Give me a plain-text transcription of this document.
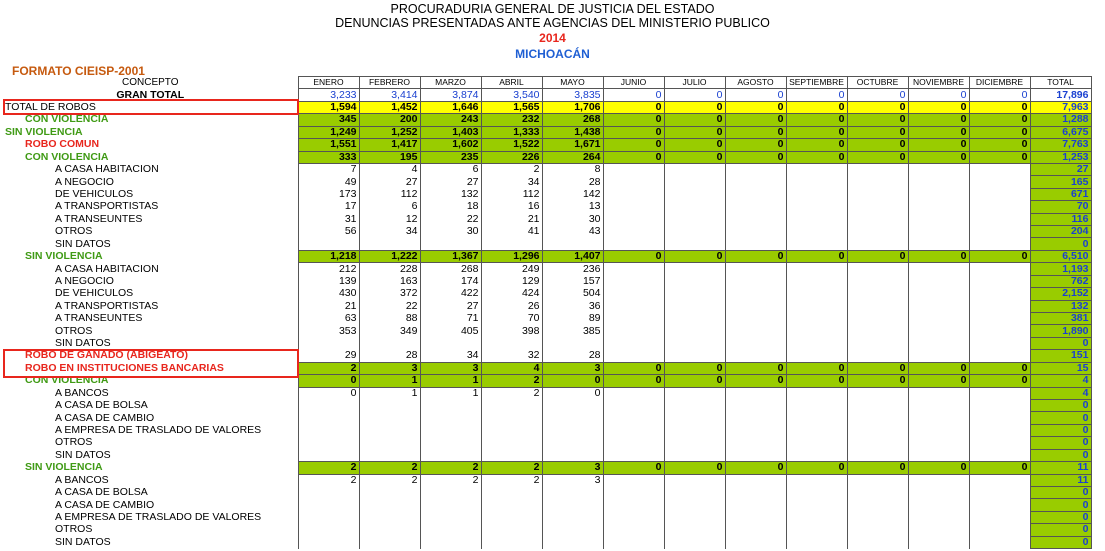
PROCURADURIA GENERAL DE JUSTICIA DEL ESTADO
DENUNCIAS PRESENTADAS ANTE AGENCIAS DEL MINISTERIO PUBLICO
2014
MICHOACÁN
FORMATO CIEISP-2001
CONCEPTO	ENERO	FEBRERO	MARZO	ABRIL	MAYO	JUNIO	JULIO	AGOSTO	SEPTIEMBRE	OCTUBRE	NOVIEMBRE	DICIEMBRE	TOTAL
GRAN TOTAL	3,233	3,414	3,874	3,540	3,835	0	0	0	0	0	0	0	17,896
TOTAL DE ROBOS	1,594	1,452	1,646	1,565	1,706	0	0	0	0	0	0	0	7,963
CON VIOLENCIA	345	200	243	232	268	0	0	0	0	0	0	0	1,288
SIN VIOLENCIA	1,249	1,252	1,403	1,333	1,438	0	0	0	0	0	0	0	6,675
ROBO COMUN	1,551	1,417	1,602	1,522	1,671	0	0	0	0	0	0	0	7,763
CON VIOLENCIA	333	195	235	226	264	0	0	0	0	0	0	0	1,253
A CASA HABITACION	7	4	6	2	8								27
A NEGOCIO	49	27	27	34	28								165
DE VEHICULOS	173	112	132	112	142								671
A TRANSPORTISTAS	17	6	18	16	13								70
A TRANSEUNTES	31	12	22	21	30								116
OTROS	56	34	30	41	43								204
SIN DATOS													0
SIN VIOLENCIA	1,218	1,222	1,367	1,296	1,407	0	0	0	0	0	0	0	6,510
A CASA HABITACION	212	228	268	249	236								1,193
A NEGOCIO	139	163	174	129	157								762
DE VEHICULOS	430	372	422	424	504								2,152
A TRANSPORTISTAS	21	22	27	26	36								132
A TRANSEUNTES	63	88	71	70	89								381
OTROS	353	349	405	398	385								1,890
SIN DATOS													0
ROBO DE GANADO (ABIGEATO)	29	28	34	32	28								151
ROBO EN INSTITUCIONES BANCARIAS	2	3	3	4	3	0	0	0	0	0	0	0	15
CON VIOLENCIA	0	1	1	2	0	0	0	0	0	0	0	0	4
A BANCOS	0	1	1	2	0								4
A CASA DE BOLSA													0
A CASA DE CAMBIO													0
A EMPRESA DE TRASLADO DE VALORES													0
OTROS													0
SIN DATOS													0
SIN VIOLENCIA	2	2	2	2	3	0	0	0	0	0	0	0	11
A BANCOS	2	2	2	2	3								11
A CASA DE BOLSA													0
A CASA DE CAMBIO													0
A EMPRESA DE TRASLADO DE VALORES													0
OTROS													0
SIN DATOS													0
